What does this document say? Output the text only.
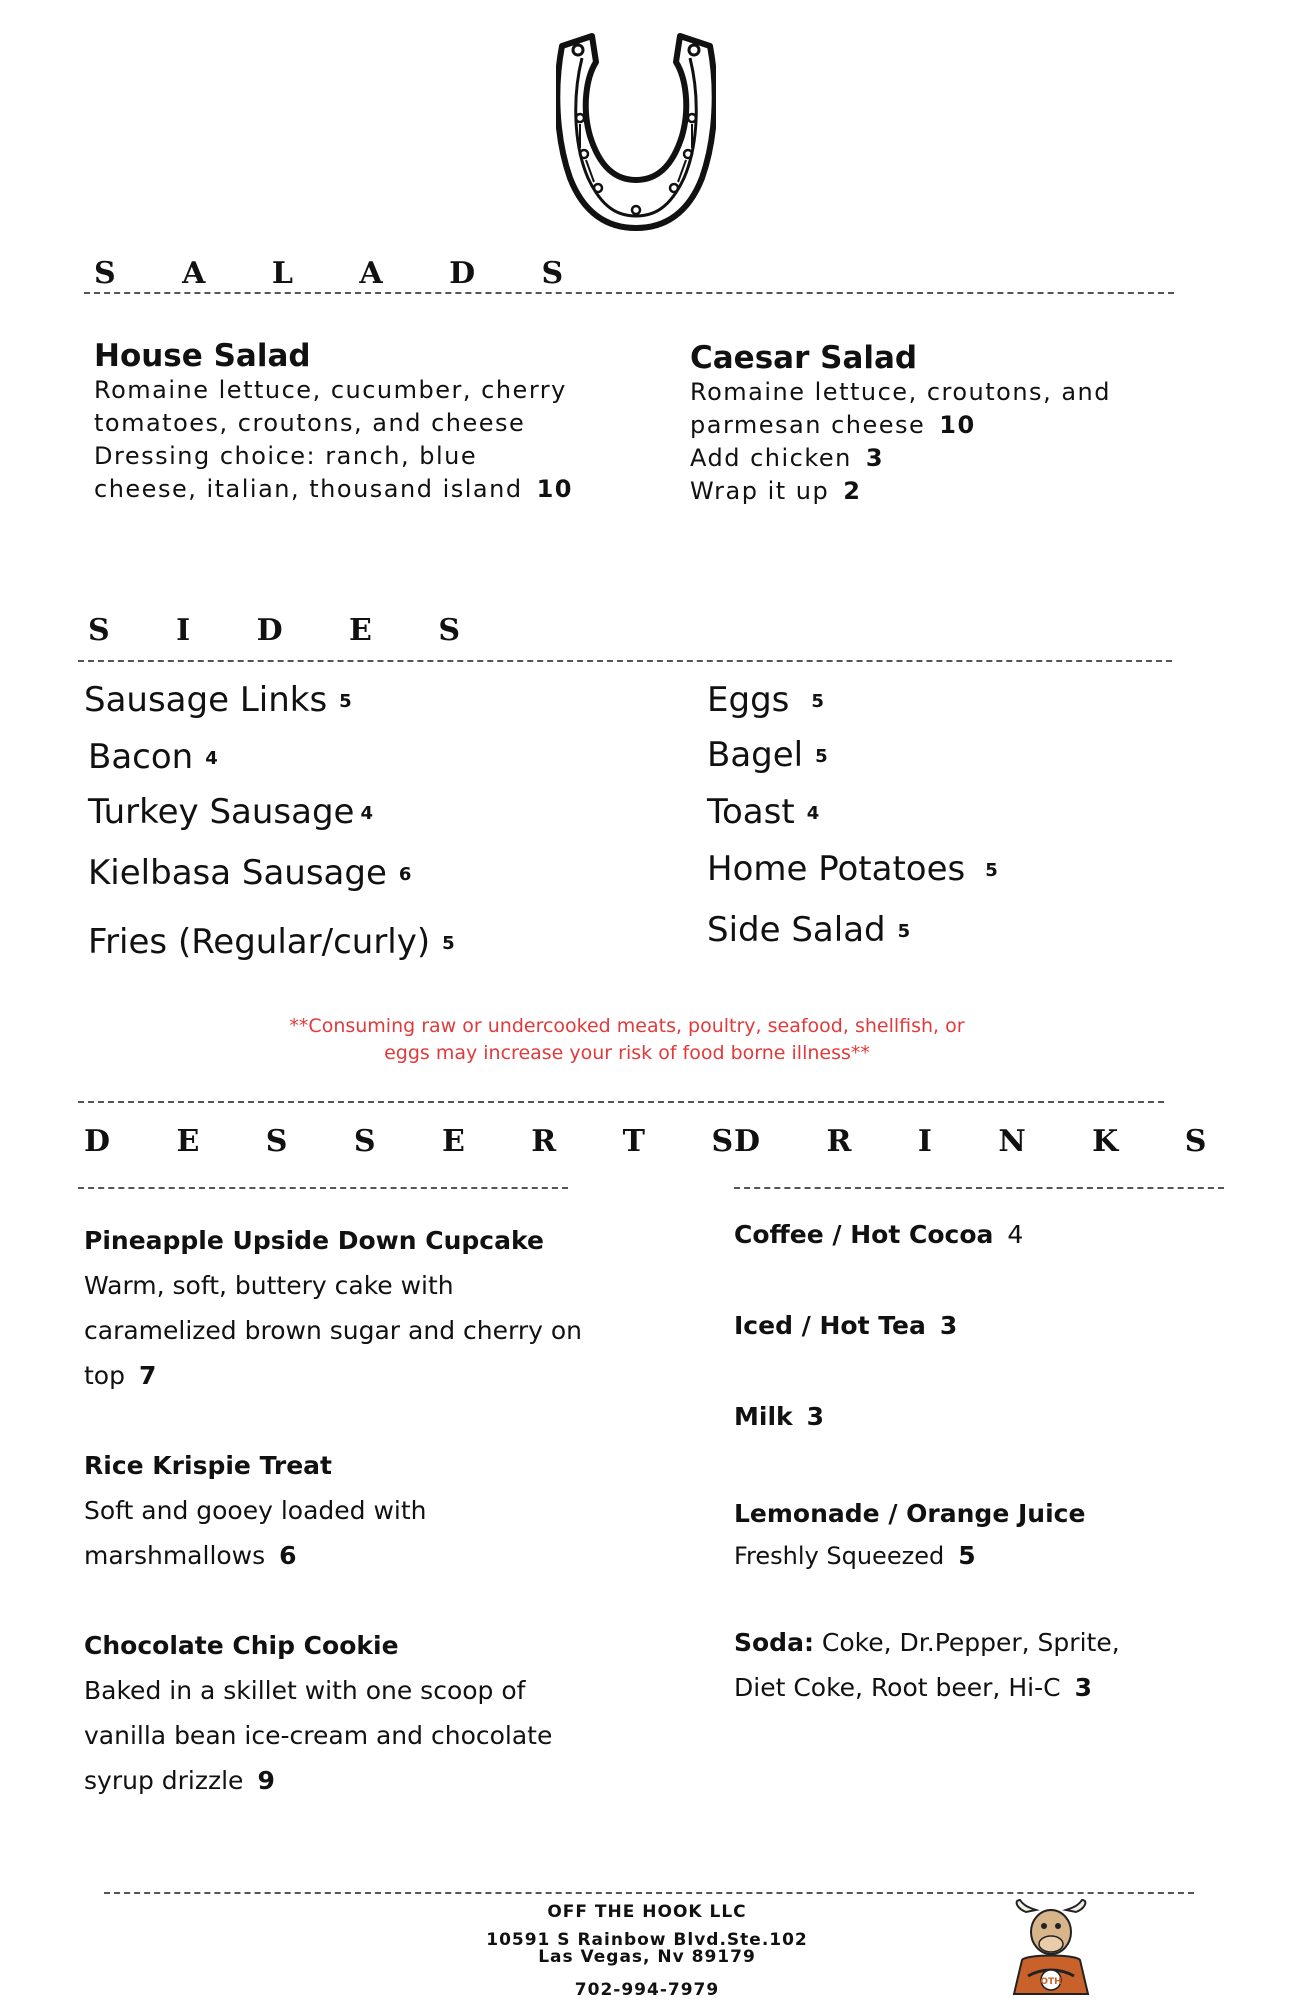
S A L A D S
House Salad
Romaine lettuce, cucumber, cherry
tomatoes, croutons, and cheese
Dressing choice: ranch, blue
cheese, italian, thousand island 10
Caesar Salad
Romaine lettuce, croutons, and
parmesan cheese 10
Add chicken 3
Wrap it up 2
S I D E S
Sausage Links 5
Bacon 4
Turkey Sausage 4
Kielbasa Sausage 6
Fries (Regular/curly) 5
Eggs 5
Bagel 5
Toast 4
Home Potatoes 5
Side Salad 5
**Consuming raw or undercooked meats, poultry, seafood, shellfish, or
eggs may increase your risk of food borne illness**
D E S S E R T S
Pineapple Upside Down Cupcake
Warm, soft, buttery cake with
caramelized brown sugar and cherry on
top 7
Rice Krispie Treat
Soft and gooey loaded with
marshmallows 6
Chocolate Chip Cookie
Baked in a skillet with one scoop of
vanilla bean ice-cream and chocolate
syrup drizzle 9
D R I N K S
Coffee / Hot Cocoa 4
Iced / Hot Tea 3
Milk 3
Lemonade / Orange Juice
Freshly Squeezed 5
Soda: Coke, Dr.Pepper, Sprite,
Diet Coke, Root beer, Hi-C 3
OFF THE HOOK LLC
10591 S Rainbow Blvd.Ste.102
Las Vegas, Nv 89179
702-994-7979	OTH
